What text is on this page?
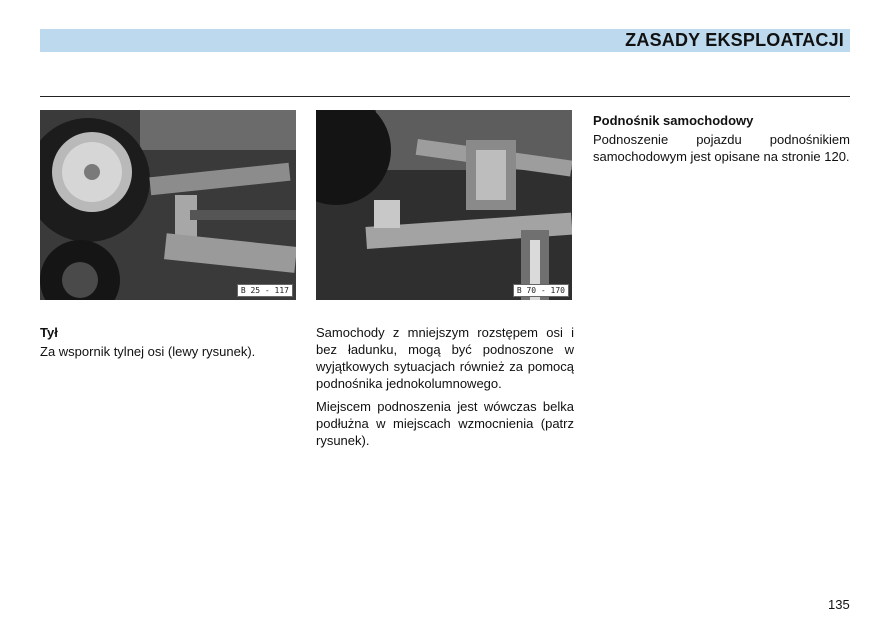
ZASADY EKSPLOATACJI
B 25 - 117	B 70 - 170
Tył
Za wspornik tylnej osi (lewy rysunek).

Samochody z mniejszym rozstępem osi i bez ładunku, mogą być podnoszone w wyjątkowych sytuacjach również za pomocą podnośnika jednokolumnowego.

Miejscem podnoszenia jest wówczas belka podłużna w miejscach wzmocnienia (patrz rysunek).

Podnośnik samochodowy
Podnoszenie pojazdu podnośnikiem samochodowym jest opisane na stronie 120.
135
